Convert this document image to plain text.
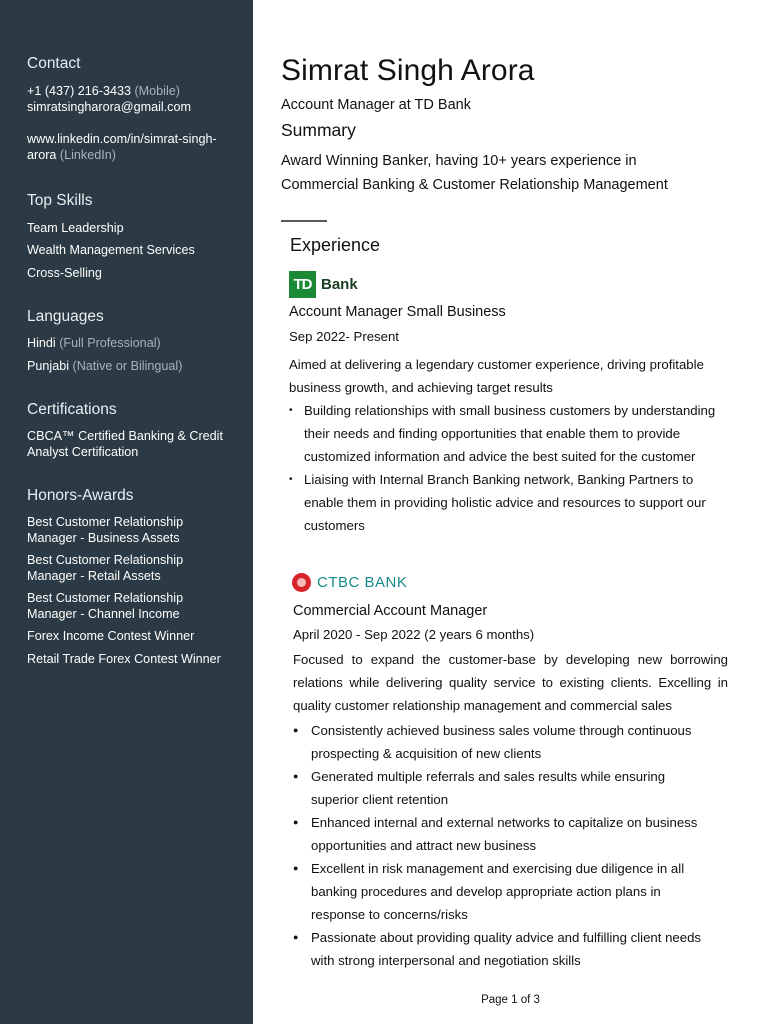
Contact
+1 (437) 216-3433 (Mobile)
simratsingharora@gmail.com
www.linkedin.com/in/simrat-singh-
arora (LinkedIn)
Top Skills
Team Leadership
Wealth Management Services
Cross-Selling
Languages
Hindi (Full Professional)
Punjabi (Native or Bilingual)
Certifications
CBCA™ Certified Banking & Credit
Analyst Certification
Honors-Awards
Best Customer Relationship
Manager - Business Assets
Best Customer Relationship
Manager - Retail Assets
Best Customer Relationship
Manager - Channel Income
Forex Income Contest Winner
Retail Trade Forex Contest Winner
Simrat Singh Arora
Account Manager at TD Bank
Summary
Award Winning Banker, having 10+ years experience in
Commercial Banking & Customer Relationship Management
Experience
TD Bank
Account Manager Small Business
Sep 2022- Present
Aimed at delivering a legendary customer experience, driving profitable business growth, and achieving target results
• Building relationships with small business customers by understanding their needs and finding opportunities that enable them to provide customized information and advice the best suited for the customer
• Liaising with Internal Branch Banking network, Banking Partners to enable them in providing holistic advice and resources to support our customers
CTBC BANK
Commercial Account Manager
April 2020 - Sep 2022 (2 years 6 months)
Focused to expand the customer-base by developing new borrowing relations while delivering quality service to existing clients. Excelling in quality customer relationship management and commercial sales
● Consistently achieved business sales volume through continuous prospecting & acquisition of new clients
● Generated multiple referrals and sales results while ensuring superior client retention
● Enhanced internal and external networks to capitalize on business opportunities and attract new business
● Excellent in risk management and exercising due diligence in all banking procedures and develop appropriate action plans in response to concerns/risks
● Passionate about providing quality advice and fulfilling client needs with strong interpersonal and negotiation skills
Page 1 of 3
